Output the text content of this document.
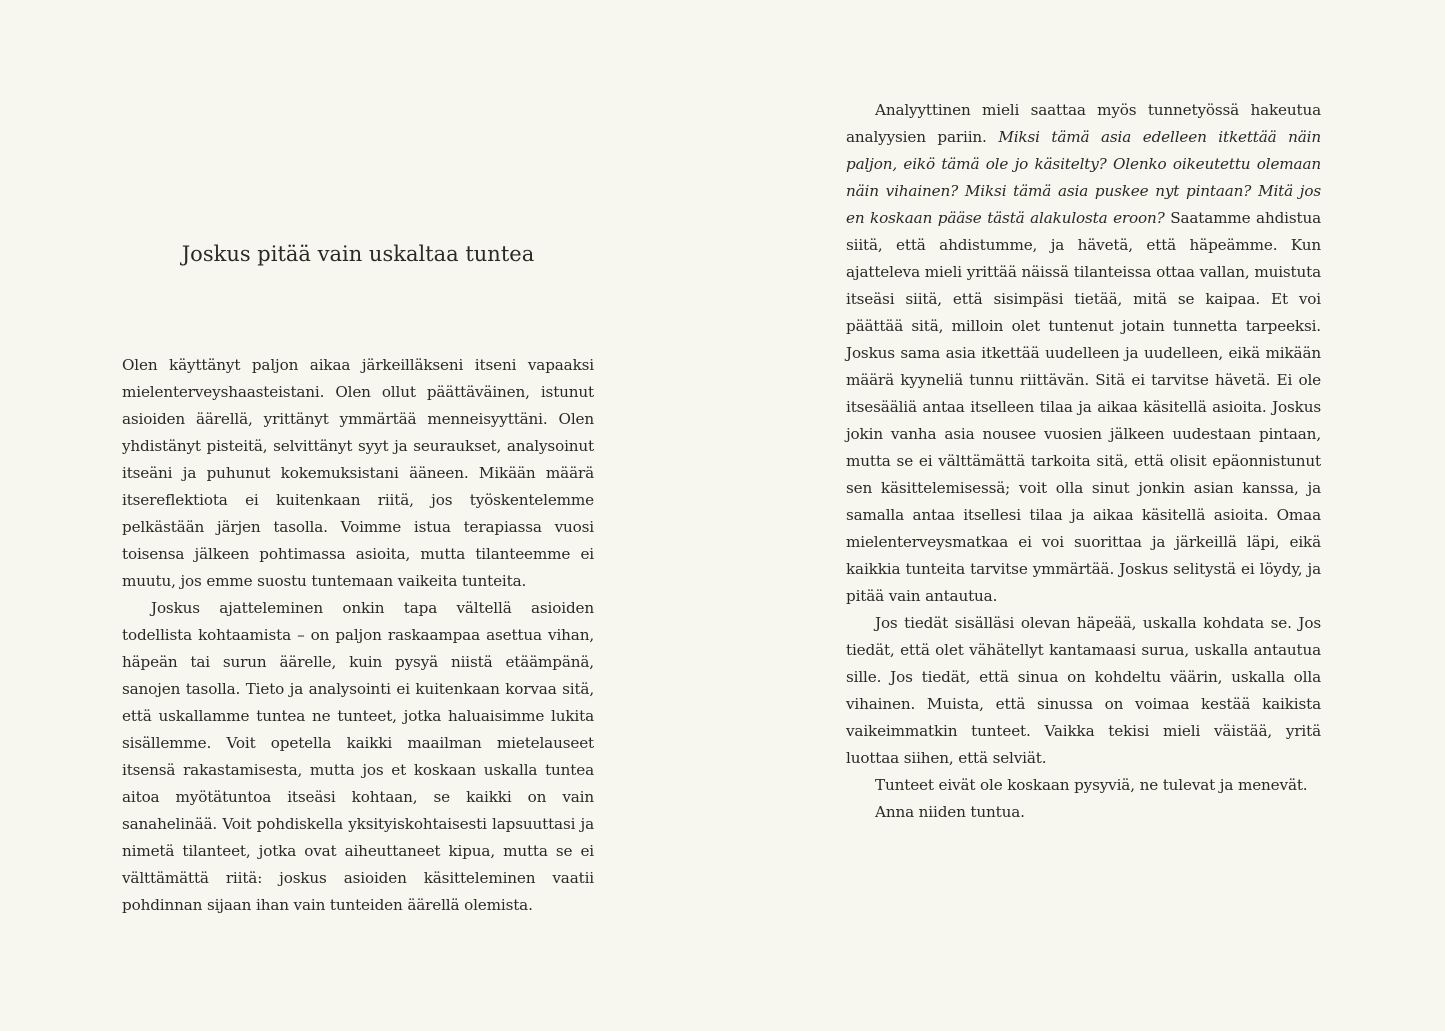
Joskus pitää vain uskaltaa tuntea

Olen käyttänyt paljon aikaa järkeilläkseni itseni vapaaksi mielenterveyshaasteistani. Olen ollut päättäväinen, istunut asioiden äärellä, yrittänyt ymmärtää menneisyyttäni. Olen yhdistänyt pisteitä, selvittänyt syyt ja seuraukset, analysoinut itseäni ja puhunut kokemuksistani ääneen. Mikään määrä itsereflektiota ei kuitenkaan riitä, jos työskentelemme pelkästään järjen tasolla. Voimme istua terapiassa vuosi toisensa jälkeen pohtimassa asioita, mutta tilanteemme ei muutu, jos emme suostu tuntemaan vaikeita tunteita.

Joskus ajatteleminen onkin tapa vältellä asioiden todellista kohtaamista – on paljon raskaampaa asettua vihan, häpeän tai surun äärelle, kuin pysyä niistä etäämpänä, sanojen tasolla. Tieto ja analysointi ei kuitenkaan korvaa sitä, että uskallamme tuntea ne tunteet, jotka haluaisimme lukita sisällemme. Voit opetella kaikki maailman mietelauseet itsensä rakastamisesta, mutta jos et koskaan uskalla tuntea aitoa myötätuntoa itseäsi kohtaan, se kaikki on vain sanahelinää. Voit pohdiskella yksityiskohtaisesti lapsuuttasi ja nimetä tilanteet, jotka ovat aiheuttaneet kipua, mutta se ei välttämättä riitä: joskus asioiden käsitteleminen vaatii pohdinnan sijaan ihan vain tunteiden äärellä olemista.

Analyyttinen mieli saattaa myös tunnetyössä hakeutua analyysien pariin. Miksi tämä asia edelleen itkettää näin paljon, eikö tämä ole jo käsitelty? Olenko oikeutettu olemaan näin vihainen? Miksi tämä asia puskee nyt pintaan? Mitä jos en koskaan pääse tästä alakulosta eroon? Saatamme ahdistua siitä, että ahdistumme, ja hävetä, että häpeämme. Kun ajatteleva mieli yrittää näissä tilanteissa ottaa vallan, muistuta itseäsi siitä, että sisimpäsi tietää, mitä se kaipaa. Et voi päättää sitä, milloin olet tuntenut jotain tunnetta tarpeeksi. Joskus sama asia itkettää uudelleen ja uudelleen, eikä mikään määrä kyyneliä tunnu riittävän. Sitä ei tarvitse hävetä. Ei ole itsesääliä antaa itselleen tilaa ja aikaa käsitellä asioita. Joskus jokin vanha asia nousee vuosien jälkeen uudestaan pintaan, mutta se ei välttämättä tarkoita sitä, että olisit epäonnistunut sen käsittelemisessä; voit olla sinut jonkin asian kanssa, ja samalla antaa itsellesi tilaa ja aikaa käsitellä asioita. Omaa mielenterveysmatkaa ei voi suorittaa ja järkeillä läpi, eikä kaikkia tunteita tarvitse ymmärtää. Joskus selitystä ei löydy, ja pitää vain antautua.

Jos tiedät sisälläsi olevan häpeää, uskalla kohdata se. Jos tiedät, että olet vähätellyt kantamaasi surua, uskalla antautua sille. Jos tiedät, että sinua on kohdeltu väärin, uskalla olla vihainen. Muista, että sinussa on voimaa kestää kaikista vaikeimmatkin tunteet. Vaikka tekisi mieli väistää, yritä luottaa siihen, että selviät.

Tunteet eivät ole koskaan pysyviä, ne tulevat ja menevät.

Anna niiden tuntua.
